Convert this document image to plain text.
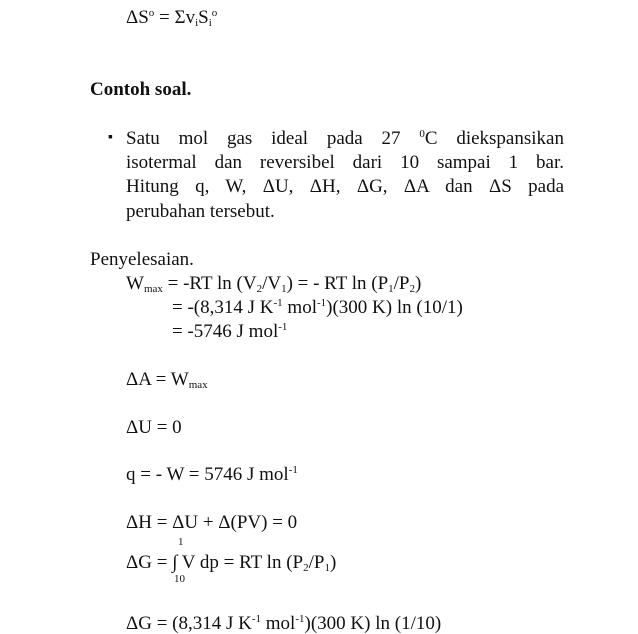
$\Delta S^o = \Sigma v_iS_i^o$
Contoh soal.
▪ Satu mol gas ideal pada 27 $^0$C diekspansikan
isotermal dan reversibel dari 10 sampai 1 bar.
Hitung q, W, ΔU, ΔH, ΔG, ΔA dan ΔS pada
perubahan tersebut.
Penyelesaian.
$W_{max} = -RT$ $\ln (V_2/V_1)$ = - RT $\ln (P_1/P_2)$
= -(8,314 J $K^{-1}$ mol$^{-1}$)(300 K) ln (10/1)
= -5746 J mol$^{-1}$
$\Delta A = W_{max}$
ΔU = 0
q = - W = 5746 J mol$^{-1}$
ΔH = ΔU + Δ(PV) = 0
1
ΔG = ∫ V dp = RT $\ln (P_2/P_1)$
10
ΔG = (8,314 J $K^{-1}$ mol$^{-1}$)(300 K) ln (1/10)
